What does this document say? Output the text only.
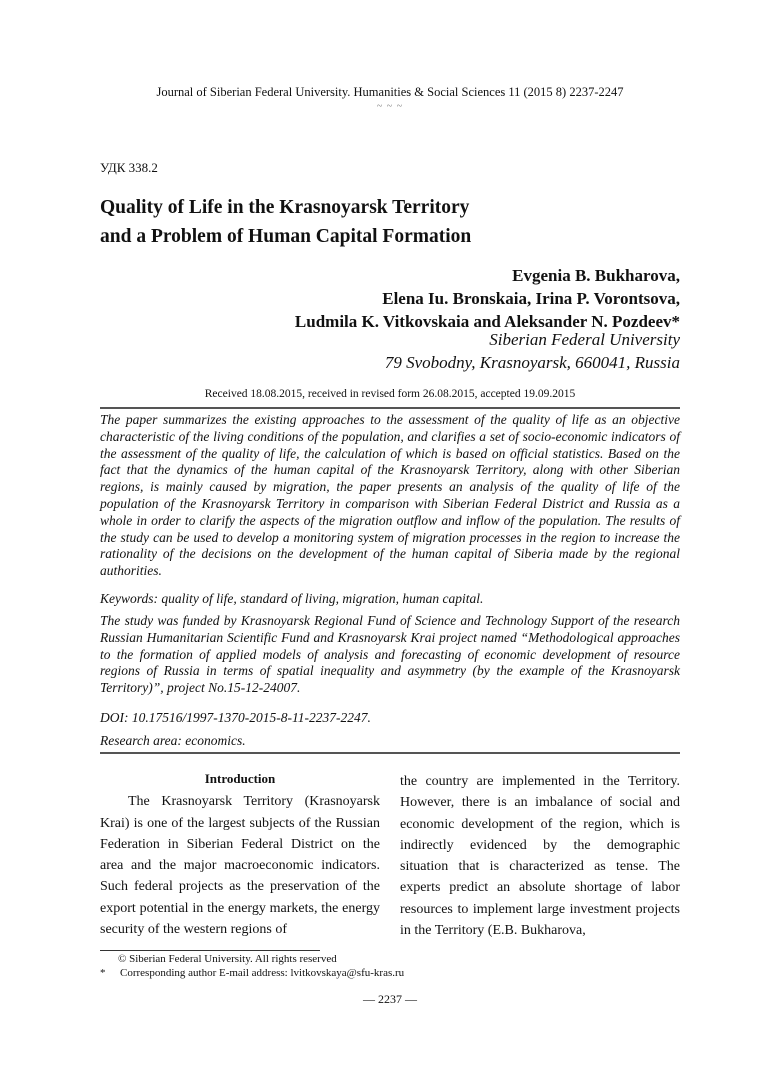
Journal of Siberian Federal University. Humanities & Social Sciences 11 (2015 8) 2237-2247
~ ~ ~
УДК 338.2
Quality of Life in the Krasnoyarsk Territory
and a Problem of Human Capital Formation
Evgenia B. Bukharova,
Elena Iu. Bronskaia, Irina P. Vorontsova,
Ludmila K. Vitkovskaia and Aleksander N. Pozdeev*
Siberian Federal University
79 Svobodny, Krasnoyarsk, 660041, Russia
Received 18.08.2015, received in revised form 26.08.2015, accepted 19.09.2015
The paper summarizes the existing approaches to the assessment of the quality of life as an objective characteristic of the living conditions of the population, and clarifies a set of socio-economic indicators of the assessment of the quality of life, the calculation of which is based on official statistics. Based on the fact that the dynamics of the human capital of the Krasnoyarsk Territory, along with other Siberian regions, is mainly caused by migration, the paper presents an analysis of the quality of life of the population of the Krasnoyarsk Territory in comparison with Siberian Federal District and Russia as a whole in order to clarify the aspects of the migration outflow and inflow of the population. The results of the study can be used to develop a monitoring system of migration processes in the region to increase the rationality of the decisions on the development of the human capital of Siberia made by the regional authorities.
Keywords: quality of life, standard of living, migration, human capital.
The study was funded by Krasnoyarsk Regional Fund of Science and Technology Support of the research Russian Humanitarian Scientific Fund and Krasnoyarsk Krai project named “Methodological approaches to the formation of applied models of analysis and forecasting of economic development of resource regions of Russia in terms of spatial inequality and asymmetry (by the example of the Krasnoyarsk Territory)”, project No.15-12-24007.
DOI: 10.17516/1997-1370-2015-8-11-2237-2247.
Research area: economics.
Introduction
The Krasnoyarsk Territory (Krasnoyarsk Krai) is one of the largest subjects of the Russian Federation in Siberian Federal District on the area and the major macroeconomic indicators. Such federal projects as the preservation of the export potential in the energy markets, the energy security of the western regions of
the country are implemented in the Territory. However, there is an imbalance of social and economic development of the region, which is indirectly evidenced by the demographic situation that is characterized as tense. The experts predict an absolute shortage of labor resources to implement large investment projects in the Territory (E.B. Bukharova,
© Siberian Federal University. All rights reserved
* Corresponding author E-mail address: lvitkovskaya@sfu-kras.ru
— 2237 —
